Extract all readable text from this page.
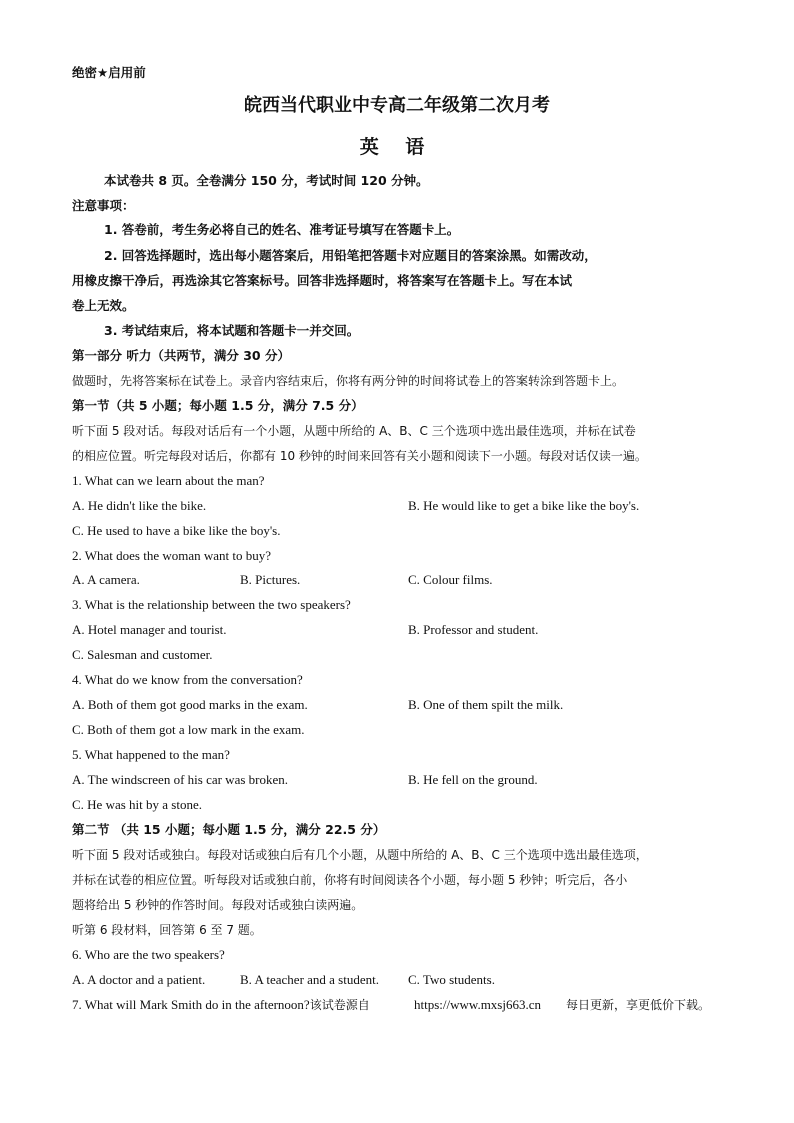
绝密★启用前
皖西当代职业中专高二年级第二次月考
英 语
本试卷共 8 页。全卷满分 150 分，考试时间 120 分钟。
注意事项：
1. 答卷前，考生务必将自己的姓名、准考证号填写在答题卡上。
2. 回答选择题时，选出每小题答案后，用铅笔把答题卡对应题目的答案涂黑。如需改动，
用橡皮擦干净后，再选涂其它答案标号。回答非选择题时，将答案写在答题卡上。写在本试
卷上无效。
3. 考试结束后，将本试题和答题卡一并交回。
第一部分 听力（共两节，满分 30 分）
做题时，先将答案标在试卷上。录音内容结束后，你将有两分钟的时间将试卷上的答案转涂到答题卡上。
第一节（共 5 小题；每小题 1.5 分，满分 7.5 分）
听下面 5 段对话。每段对话后有一个小题，从题中所给的 A、B、C 三个选项中选出最佳选项，并标在试卷
的相应位置。听完每段对话后，你都有 10 秒钟的时间来回答有关小题和阅读下一小题。每段对话仅读一遍。
1. What can we learn about the man?
A. He didn't like the bike.	B. He would like to get a bike like the boy's.
C. He used to have a bike like the boy's.
2. What does the woman want to buy?
A. A camera.	B. Pictures.	C. Colour films.
3. What is the relationship between the two speakers?
A. Hotel manager and tourist.	B. Professor and student.
C. Salesman and customer.
4. What do we know from the conversation?
A. Both of them got good marks in the exam.	B. One of them spilt the milk.
C. Both of them got a low mark in the exam.
5. What happened to the man?
A. The windscreen of his car was broken.	B. He fell on the ground.
C. He was hit by a stone.
第二节 （共 15 小题；每小题 1.5 分，满分 22.5 分）
听下面 5 段对话或独白。每段对话或独白后有几个小题，从题中所给的 A、B、C 三个选项中选出最佳选项，
并标在试卷的相应位置。听每段对话或独白前，你将有时间阅读各个小题，每小题 5 秒钟；听完后，各小
题将给出 5 秒钟的作答时间。每段对话或独白读两遍。
听第 6 段材料，回答第 6 至 7 题。
6. Who are the two speakers?
A. A doctor and a patient.	B. A teacher and a student. C. Two students.
7. What will Mark Smith do in the afternoon?该试卷源自	https://www.mxsj663.cn 每日更新，享更低价下载。
